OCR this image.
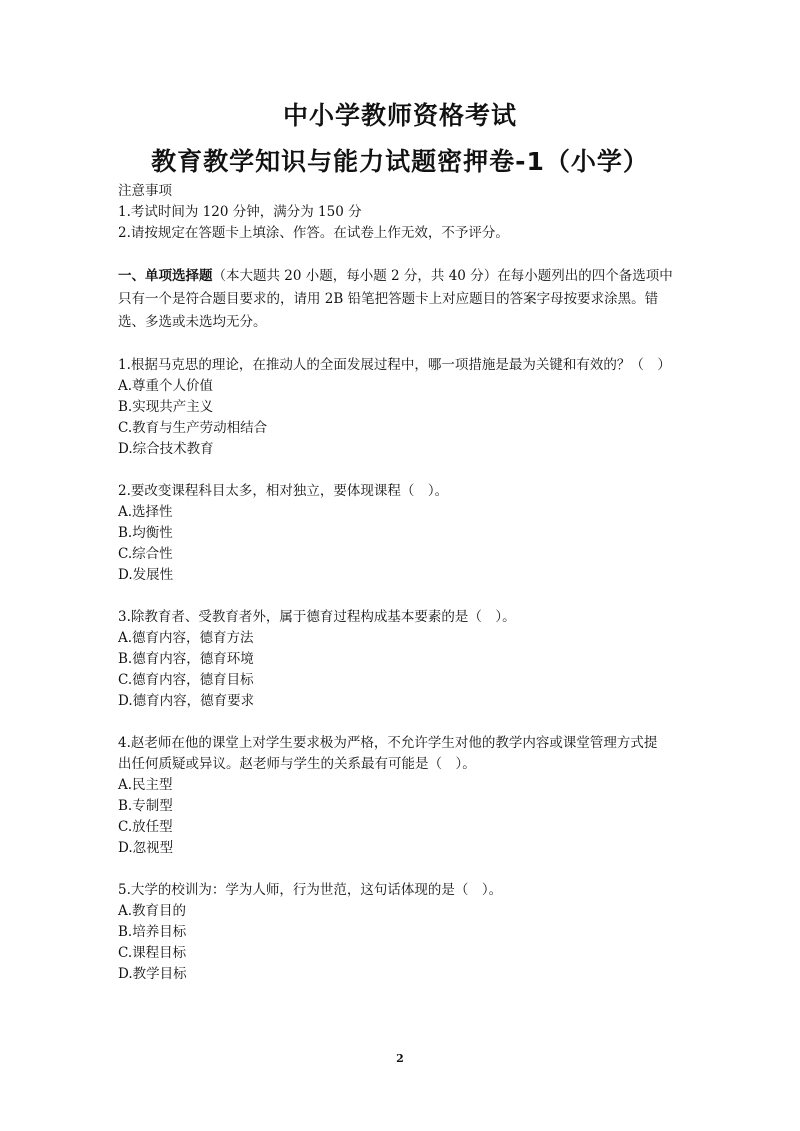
中小学教师资格考试
教育教学知识与能力试题密押卷-1（小学）
注意事项
1.考试时间为 120 分钟，满分为 150 分
2.请按规定在答题卡上填涂、作答。在试卷上作无效，不予评分。
一、单项选择题（本大题共 20 小题，每小题 2 分，共 40 分）在每小题列出的四个备选项中
只有一个是符合题目要求的，请用 2B 铅笔把答题卡上对应题目的答案字母按要求涂黑。错
选、多选或未选均无分。
1.根据马克思的理论，在推动人的全面发展过程中，哪一项措施是最为关键和有效的？（　）
A.尊重个人价值
B.实现共产主义
C.教育与生产劳动相结合
D.综合技术教育
2.要改变课程科目太多，相对独立，要体现课程（　）。
A.选择性
B.均衡性
C.综合性
D.发展性
3.除教育者、受教育者外，属于德育过程构成基本要素的是（　）。
A.德育内容，德育方法
B.德育内容，德育环境
C.德育内容，德育目标
D.德育内容，德育要求
4.赵老师在他的课堂上对学生要求极为严格，不允许学生对他的教学内容或课堂管理方式提
出任何质疑或异议。赵老师与学生的关系最有可能是（　）。
A.民主型
B.专制型
C.放任型
D.忽视型
5.大学的校训为：学为人师，行为世范，这句话体现的是（　）。
A.教育目的
B.培养目标
C.课程目标
D.教学目标
2
